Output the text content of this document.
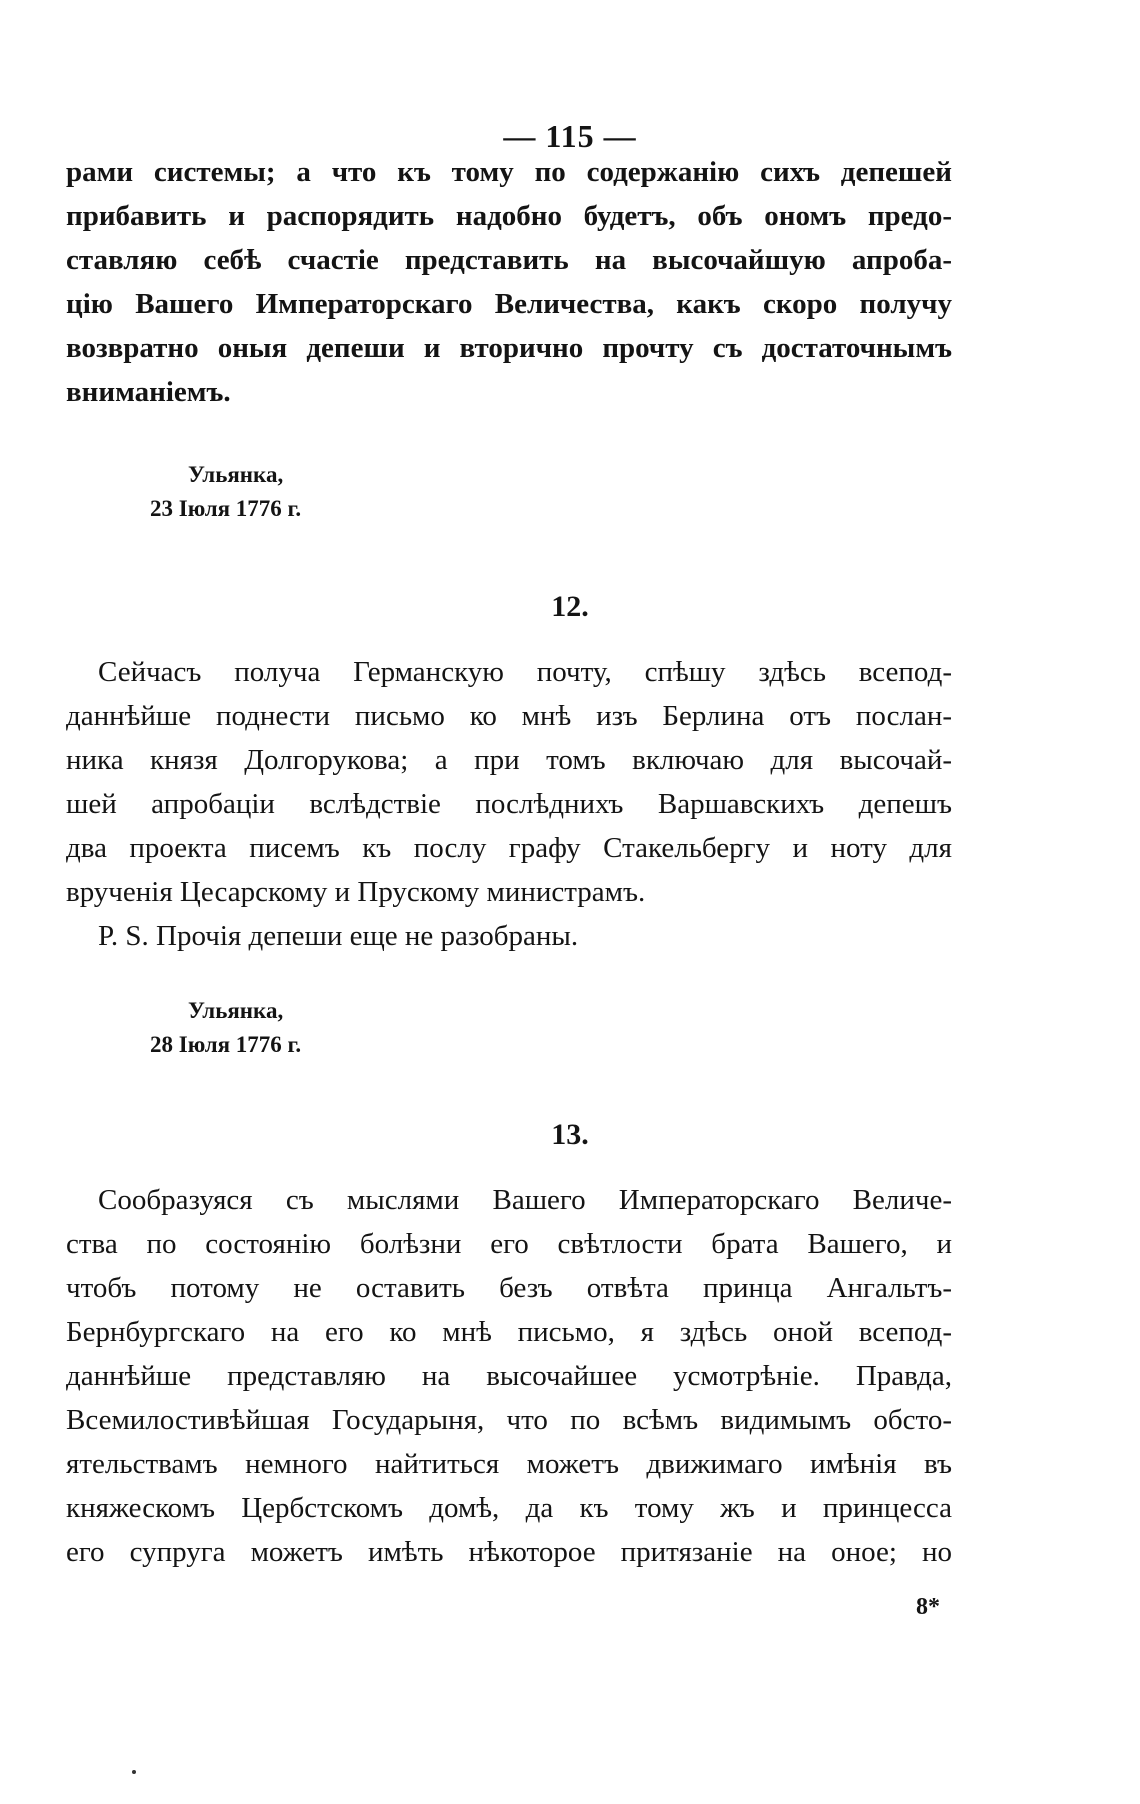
— 115 —
рами системы; а что къ тому по содержанію сихъ депешей
прибавить и распорядить надобно будетъ, объ ономъ предо-
ставляю себѣ счастіе представить на высочайшую апроба-
цію Вашего Императорскаго Величества, какъ скоро получу
возвратно оныя депеши и вторично прочту съ достаточнымъ
вниманіемъ.
Ульянка,
23 Іюля 1776 г.
12.
Сейчасъ получа Германскую почту, спѣшу здѣсь всепод-
даннѣйше поднести письмо ко мнѣ изъ Берлина отъ послан-
ника князя Долгорукова; а при томъ включаю для высочай-
шей апробаціи вслѣдствіе послѣднихъ Варшавскихъ депешъ
два проекта писемъ къ послу графу Стакельбергу и ноту для
врученія Цесарскому и Прускому министрамъ.
P. S. Прочія депеши еще не разобраны.
Ульянка,
28 Іюля 1776 г.
13.
Сообразуяся съ мыслями Вашего Императорскаго Величе-
ства по состоянію болѣзни его свѣтлости брата Вашего, и
чтобъ потому не оставить безъ отвѣта принца Ангальтъ-
Бернбургскаго на его ко мнѣ письмо, я здѣсь оной всепод-
даннѣйше представляю на высочайшее усмотрѣніе. Правда,
Всемилостивѣйшая Государыня, что по всѣмъ видимымъ обсто-
ятельствамъ немного найтиться можетъ движимаго имѣнія въ
княжескомъ Цербстскомъ домѣ, да къ тому жъ и принцесса
его супруга можетъ имѣть нѣкоторое притязаніе на оное; но
8*
